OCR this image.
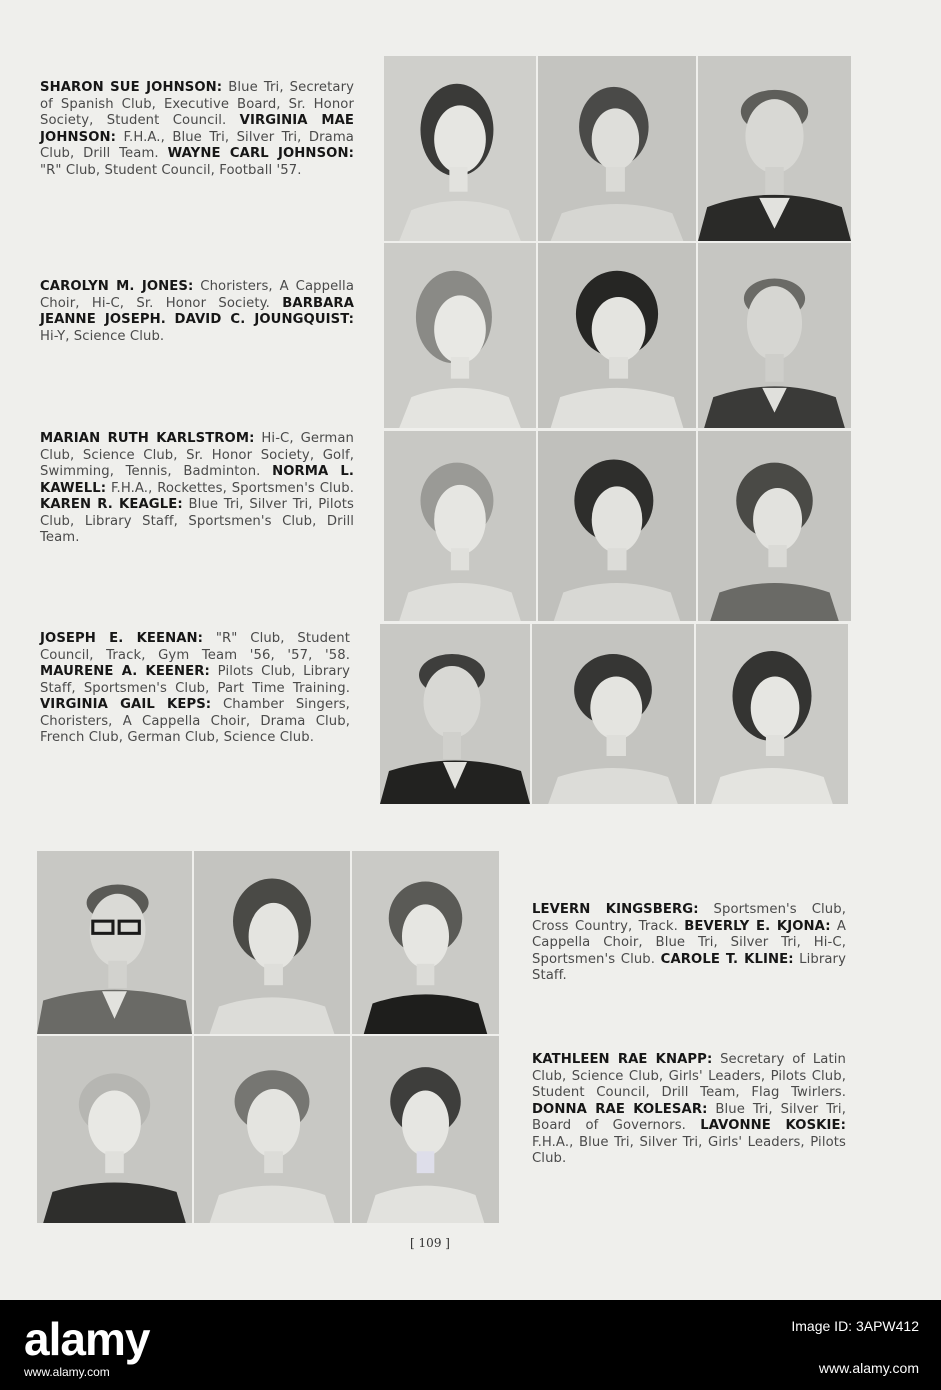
SHARON SUE JOHNSON: Blue Tri, Secretary of Spanish Club, Executive Board, Sr. Honor Society, Student Council. VIRGINIA MAE JOHNSON: F.H.A., Blue Tri, Silver Tri, Drama Club, Drill Team. WAYNE CARL JOHNSON: "R" Club, Student Council, Football '57.
CAROLYN M. JONES: Choristers, A Cappella Choir, Hi-C, Sr. Honor Society. BARBARA JEANNE JOSEPH. DAVID C. JOUNGQUIST: Hi-Y, Science Club.
MARIAN RUTH KARLSTROM: Hi-C, German Club, Science Club, Sr. Honor Society, Golf, Swimming, Tennis, Badminton. NORMA L. KAWELL: F.H.A., Rockettes, Sportsmen's Club. KAREN R. KEAGLE: Blue Tri, Silver Tri, Pilots Club, Library Staff, Sportsmen's Club, Drill Team.
JOSEPH E. KEENAN: "R" Club, Student Council, Track, Gym Team '56, '57, '58. MAURENE A. KEENER: Pilots Club, Library Staff, Sportsmen's Club, Part Time Training. VIRGINIA GAIL KEPS: Chamber Singers, Choristers, A Cappella Choir, Drama Club, French Club, German Club, Science Club.
LEVERN KINGSBERG: Sportsmen's Club, Cross Country, Track. BEVERLY E. KJONA: A Cappella Choir, Blue Tri, Silver Tri, Hi-C, Sportsmen's Club. CAROLE T. KLINE: Library Staff.
KATHLEEN RAE KNAPP: Secretary of Latin Club, Science Club, Girls' Leaders, Pilots Club, Student Council, Drill Team, Flag Twirlers. DONNA RAE KOLESAR: Blue Tri, Silver Tri, Board of Governors. LAVONNE KOSKIE: F.H.A., Blue Tri, Silver Tri, Girls' Leaders, Pilots Club.
[ 109 ]
alamy
www.alamy.com
Image ID: 3APW412
www.alamy.com
